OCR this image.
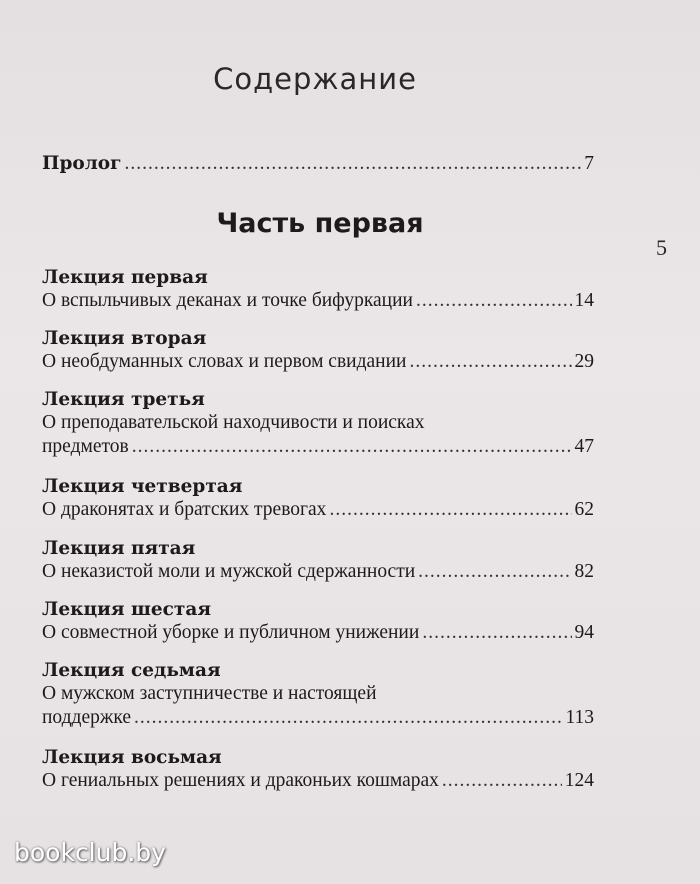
Содержание
Пролог .....	7
Часть первая
5
Лекция первая
О вспыльчивых деканах и точке бифуркации .....	14
Лекция вторая
О необдуманных словах и первом свидании .....	29
Лекция третья
О преподавательской находчивости и поисках
предметов .....	47
Лекция четвертая
О драконятах и братских тревогах .....	62
Лекция пятая
О неказистой моли и мужской сдержанности .....	82
Лекция шестая
О совместной уборке и публичном унижении .....	94
Лекция седьмая
О мужском заступничестве и настоящей
поддержке .....	113
Лекция восьмая
О гениальных решениях и драконьих кошмарах .....	124
bookclub.by
